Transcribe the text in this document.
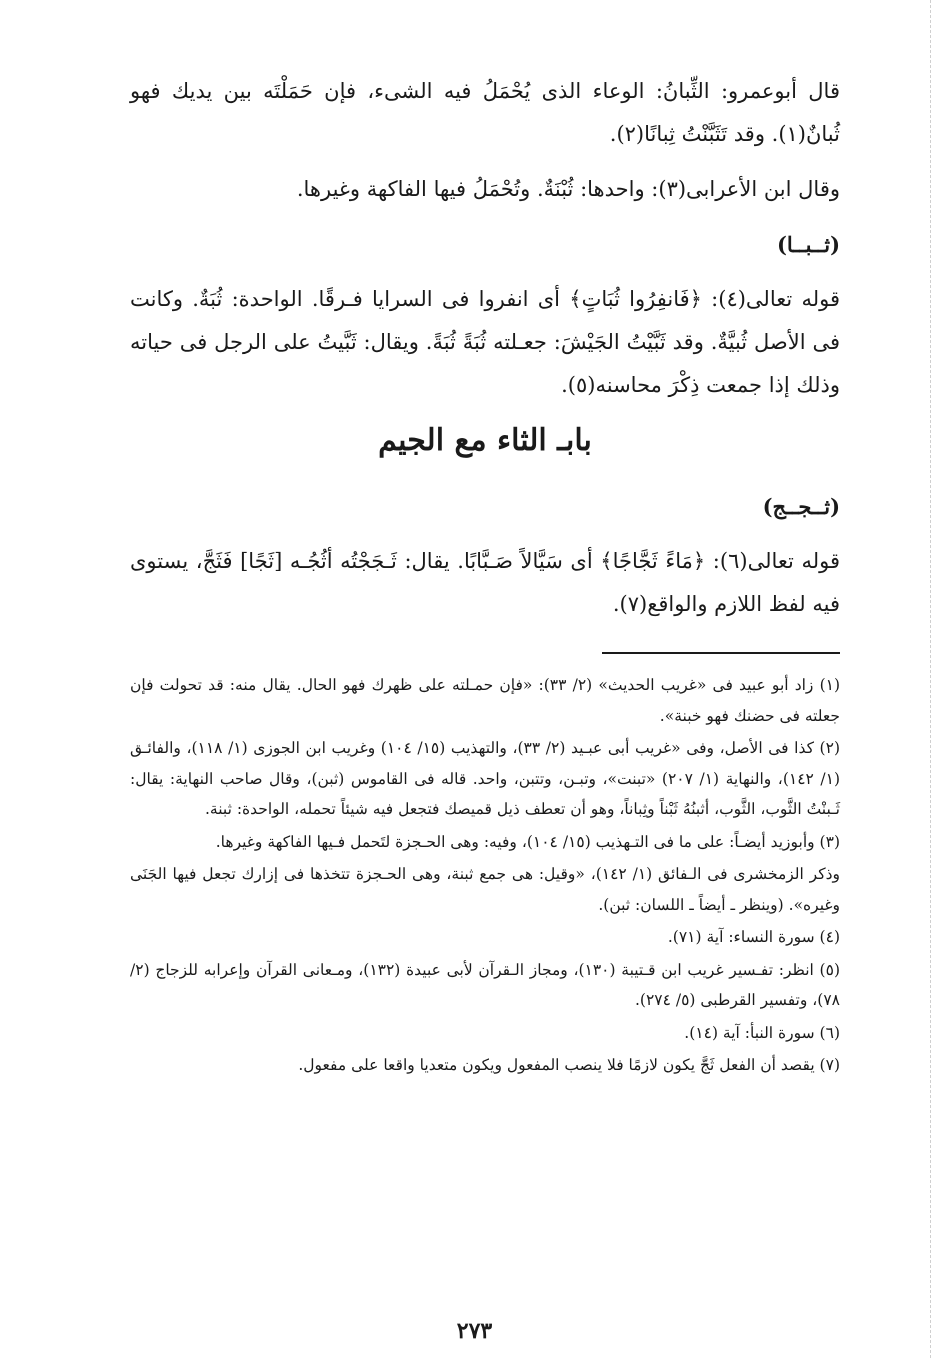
قال أبوعمرو: الثِّبانُ: الوعاء الذى يُحْمَلُ فيه الشىء، فإن حَمَلْتَه بين يديك فهو ثُبانٌ(١). وقد تَثَبَّنْتُ ثِبانًا(٢).

وقال ابن الأعرابى(٣): واحدها: ثُبْنَةٌ. وتُحْمَلُ فيها الفاكهة وغيرها.

(ثــبــا)

قوله تعالى(٤): ﴿فَانفِرُوا ثُبَاتٍ﴾ أى انفروا فى السرايا فـرقًا. الواحدة: ثُبَةٌ. وكانت فى الأصل ثُبيَّةٌ. وقد ثَبَّيْتُ الجَيْشَ: جعـلته ثُبَةً ثُبَةً. ويقال: ثَبَّيتُ على الرجل فى حياته وذلك إذا جمعت ذِكْرَ محاسنه(٥).

بابـ الثاء مع الجيم

(ثــجــج)

قوله تعالى(٦): ﴿مَاءً ثَجَّاجًا﴾ أى سَيَّالاً صَـبَّابًا. يقال: ثَـجَجْتُه أثُجُـه [ثَجًا] فَثَجَّ، يستوى فيه لفظ اللازم والواقع(٧).

(١) زاد أبو عبيد فى «غريب الحديث» (٢/ ٣٣): «فإن حمـلته على ظهرك فهو الحال. يقال منه: قد تحولت فإن جعلته فى حضنك فهو خبنة».

(٢) كذا فى الأصل، وفى «غريب أبى عبـيد (٢/ ٣٣)، والتهذيب (١٥/ ١٠٤) وغريب ابن الجوزى (١/ ١١٨)، والفائـق (١/ ١٤٢)، والنهاية (١/ ٢٠٧) «تبنت»، وتبـن، وتتبن، واحد. قاله فى القاموس (ثبن)، وقال صاحب النهاية: يقال: ثَـبنْتُ الثَّوب، الثَّوب، أثبنُهُ ثَبْناً وثِباناً، وهو أن تعطف ذيل قميصك فتجعل فيه شيئاً تحمله، الواحدة: ثبنة.

(٣) وأبوزيد أيضـاً: على ما فى التـهذيب (١٥/ ١٠٤)، وفيه: وهى الحـجزة لتَحمل فـيها الفاكهة وغيرها.

وذكر الزمخشرى فى الـفائق (١/ ١٤٢)، «وقيل: هى جمع ثبنة، وهى الحـجزة تتخذها فى إزارك تجعل فيها الجَنَى وغيره». (وينظر ـ أيضاً ـ اللسان: ثبن).

(٤) سورة النساء: آية (٧١).

(٥) انظر: تفـسير غريب ابن قـتيبة (١٣٠)، ومجاز الـقرآن لأبى عبيدة (١٣٢)، ومـعانى القرآن وإعرابه للزجاج (٢/ ٧٨)، وتفسير القرطبى (٥/ ٢٧٤).

(٦) سورة النبأ: آية (١٤).

(٧) يقصد أن الفعل ثَجَّ يكون لازمًا فلا ينصب المفعول ويكون متعديا واقعا على مفعول.

٢٧٣
